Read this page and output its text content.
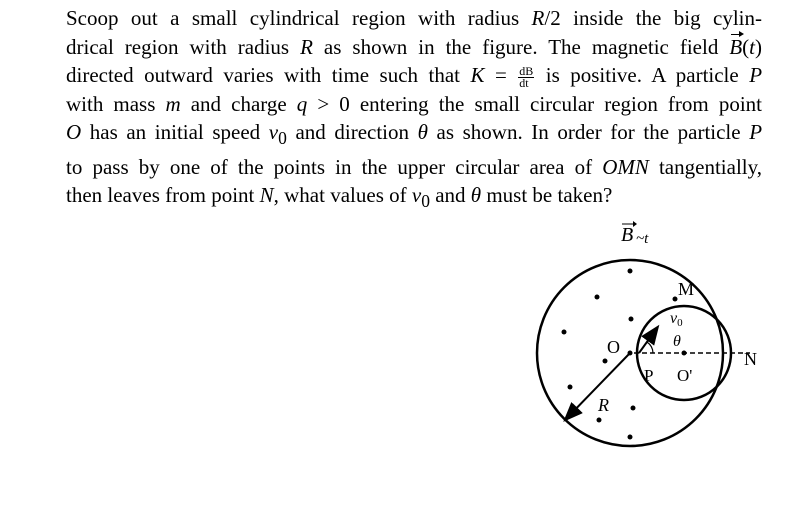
Scoop out a small cylindrical region with radius R/2 inside the big cylin-
drical region with radius R as shown in the figure. The magnetic field B(t)
directed outward varies with time such that $K = \frac{dB}{dt}$ is positive. A particle P
with mass m and charge q > 0 entering the small circular region from point
O has an initial speed $v_0$ and direction θ as shown. In order for the particle P
to pass by one of the points in the upper circular area of OMN tangentially,
then leaves from point N, what values of $v_0$ and θ must be taken?
B ~t
M
v0
θ
O
P O'
N
R
